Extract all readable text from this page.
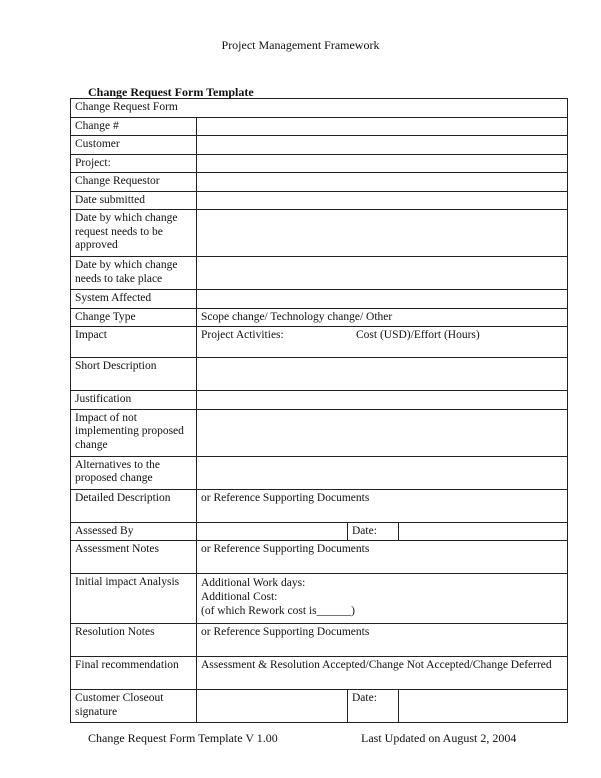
Project Management Framework
Change Request Form Template
Change Request Form			
Change #			
Customer			
Project:			
Change Requestor			
Date submitted			
Date by which change request needs to be approved			
Date by which change needs to take place			
System Affected			
Change Type	Scope change/ Technology change/ Other		
Impact	Project Activities: Cost (USD)/Effort (Hours)		

Short Description			
Justification			
Impact of not implementing proposed change			
Alternatives to the proposed change			
Detailed Description	or Reference Supporting Documents		
Assessed By		Date:	
Assessment Notes	or Reference Supporting Documents		
Initial impact Analysis	Additional Work days:
Additional Cost:
(of which Rework cost is______)		

Resolution Notes	or Reference Supporting Documents		
Final recommendation	Assessment & Resolution Accepted/Change Not Accepted/Change Deferred		
Customer Closeout signature		Date:	
Change Request Form Template V 1.00	Last Updated on August 2, 2004
